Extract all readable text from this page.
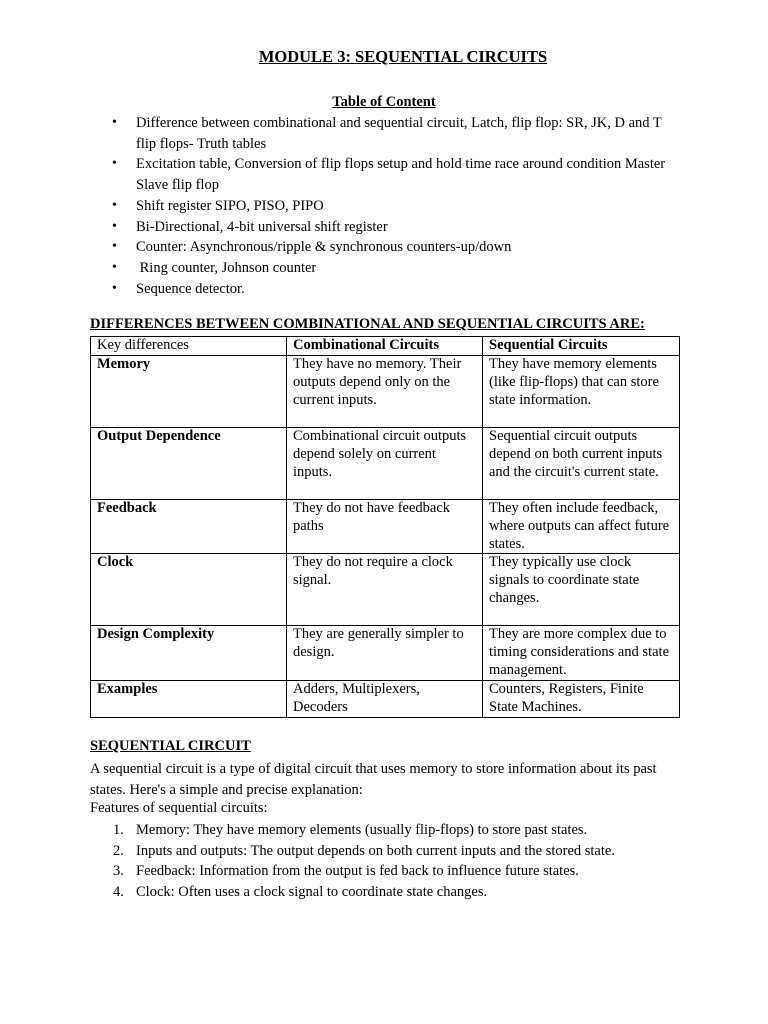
MODULE 3: SEQUENTIAL CIRCUITS
Table of Content
• Difference between combinational and sequential circuit, Latch, flip flop: SR, JK, D and T flip flops- Truth tables
• Excitation table, Conversion of flip flops setup and hold time race around condition Master Slave flip flop
• Shift register SIPO, PISO, PIPO
• Bi-Directional, 4-bit universal shift register
• Counter: Asynchronous/ripple & synchronous counters-up/down
• Ring counter, Johnson counter
• Sequence detector.
DIFFERENCES BETWEEN COMBINATIONAL AND SEQUENTIAL CIRCUITS ARE:
Key differences	Combinational Circuits	Sequential Circuits
Memory	They have no memory. Their outputs depend only on the current inputs.	They have memory elements (like flip-flops) that can store state information.
Output Dependence	Combinational circuit outputs depend solely on current inputs.	Sequential circuit outputs depend on both current inputs and the circuit's current state.
Feedback	They do not have feedback paths	They often include feedback, where outputs can affect future states.
Clock	They do not require a clock signal.	They typically use clock signals to coordinate state changes.
Design Complexity	They are generally simpler to design.	They are more complex due to timing considerations and state management.
Examples	Adders, Multiplexers, Decoders	Counters, Registers, Finite State Machines.
SEQUENTIAL CIRCUIT

A sequential circuit is a type of digital circuit that uses memory to store information about its past states. Here's a simple and precise explanation:

Features of sequential circuits:
1. Memory: They have memory elements (usually flip-flops) to store past states.
2. Inputs and outputs: The output depends on both current inputs and the stored state.
3. Feedback: Information from the output is fed back to influence future states.
4. Clock: Often uses a clock signal to coordinate state changes.
